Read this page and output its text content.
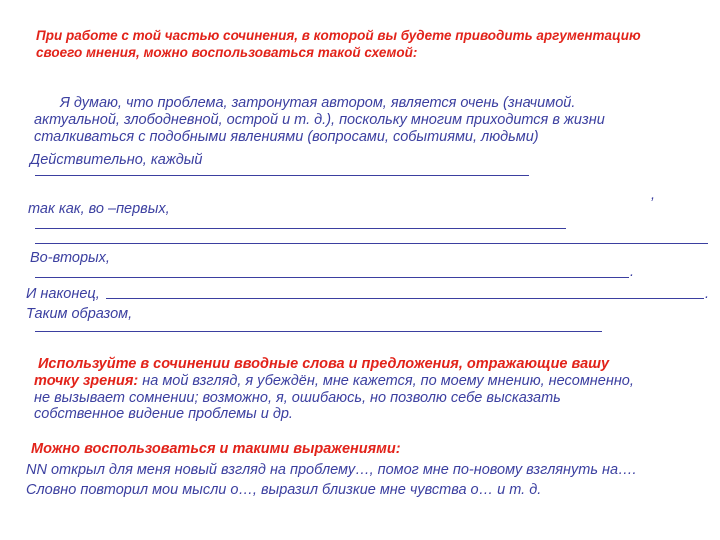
При работе с той частью сочинения, в которой вы будете приводить аргументацию
своего мнения, можно воспользоваться такой схемой:
Я думаю, что проблема, затронутая автором, является очень (значимой.
актуальной, злободневной, острой и т. д.), поскольку многим приходится в жизни
сталкиваться с подобными явлениями (вопросами, событиями, людьми)
Действительно, каждый
,
так как, во –первых,
Во-вторых,
.
И наконец,	.
Таким образом,
Используйте в сочинении вводные слова и предложения, отражающие вашу
точку зрения: на мой взгляд, я убеждён, мне кажется, по моему мнению, несомненно,
не вызывает сомнении; возможно, я, ошибаюсь, но позволю себе высказать
собственное видение проблемы и др.
Можно воспользоваться и такими выражениями:
NN открыл для меня новый взгляд на проблему…, помог мне по-новому взглянуть на….
Словно повторил мои мысли о…, выразил близкие мне чувства о… и т. д.
